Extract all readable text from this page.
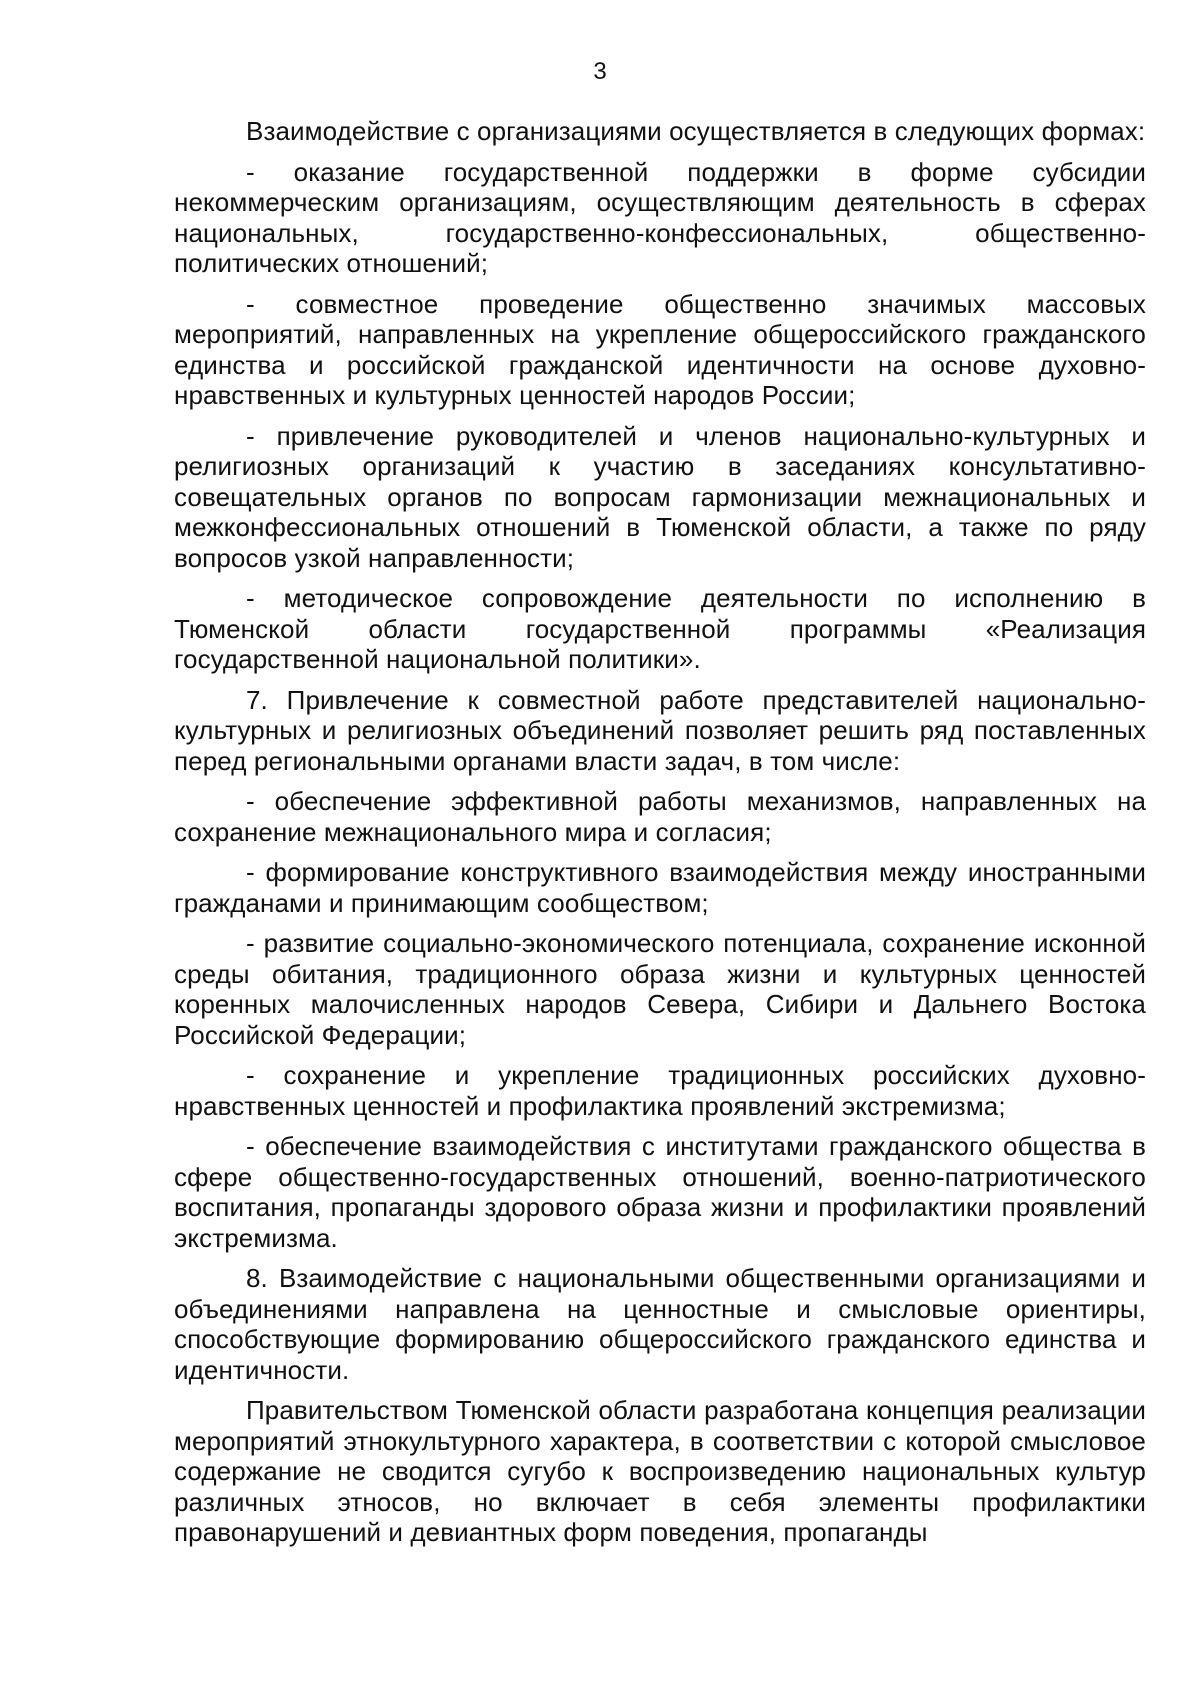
3

Взаимодействие с организациями осуществляется в следующих формах:

- оказание государственной поддержки в форме субсидии некоммерческим организациям, осуществляющим деятельность в сферах национальных, государственно-конфессиональных, общественно-политических отношений;

- совместное проведение общественно значимых массовых мероприятий, направленных на укрепление общероссийского гражданского единства и российской гражданской идентичности на основе духовно-нравственных и культурных ценностей народов России;

- привлечение руководителей и членов национально-культурных и религиозных организаций к участию в заседаниях консультативно-совещательных органов по вопросам гармонизации межнациональных и межконфессиональных отношений в Тюменской области, а также по ряду вопросов узкой направленности;

- методическое сопровождение деятельности по исполнению в Тюменской области государственной программы «Реализация государственной национальной политики».

7. Привлечение к совместной работе представителей национально-культурных и религиозных объединений позволяет решить ряд поставленных перед региональными органами власти задач, в том числе:

- обеспечение эффективной работы механизмов, направленных на сохранение межнационального мира и согласия;

- формирование конструктивного взаимодействия между иностранными гражданами и принимающим сообществом;

- развитие социально-экономического потенциала, сохранение исконной среды обитания, традиционного образа жизни и культурных ценностей коренных малочисленных народов Севера, Сибири и Дальнего Востока Российской Федерации;

- сохранение и укрепление традиционных российских духовно-нравственных ценностей и профилактика проявлений экстремизма;

- обеспечение взаимодействия с институтами гражданского общества в сфере общественно-государственных отношений, военно-патриотического воспитания, пропаганды здорового образа жизни и профилактики проявлений экстремизма.

8. Взаимодействие с национальными общественными организациями и объединениями направлена на ценностные и смысловые ориентиры, способствующие формированию общероссийского гражданского единства и идентичности.

Правительством Тюменской области разработана концепция реализации мероприятий этнокультурного характера, в соответствии с которой смысловое содержание не сводится сугубо к воспроизведению национальных культур различных этносов, но включает в себя элементы профилактики правонарушений и девиантных форм поведения, пропаганды
